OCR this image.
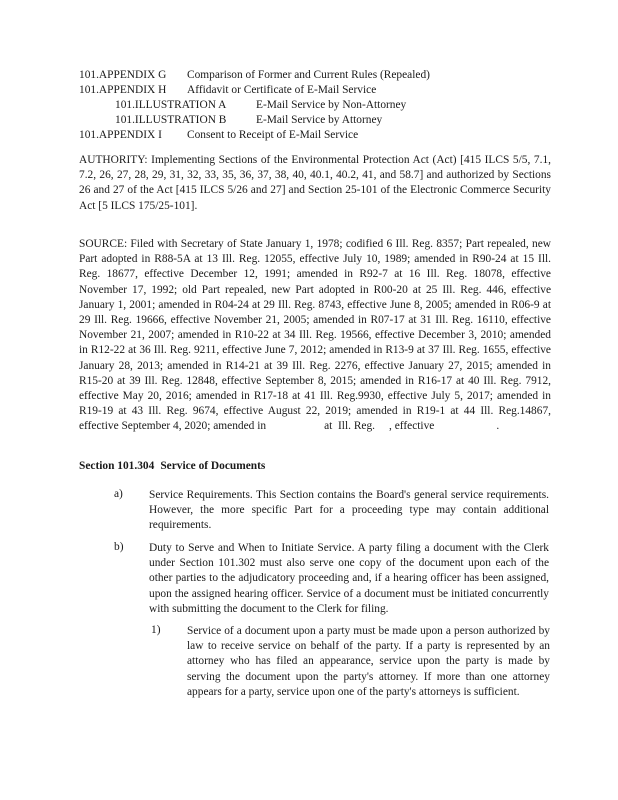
101.APPENDIX G Comparison of Former and Current Rules (Repealed)
101.APPENDIX H Affidavit or Certificate of E-Mail Service
101.ILLUSTRATION A	E-Mail Service by Non-Attorney
101.ILLUSTRATION B	E-Mail Service by Attorney
101.APPENDIX I Consent to Receipt of E-Mail Service
AUTHORITY: Implementing Sections of the Environmental Protection Act (Act) [415 ILCS 5/5, 7.1, 7.2, 26, 27, 28, 29, 31, 32, 33, 35, 36, 37, 38, 40, 40.1, 40.2, 41, and 58.7] and authorized by Sections 26 and 27 of the Act [415 ILCS 5/26 and 27] and Section 25-101 of the Electronic Commerce Security Act [5 ILCS 175/25-101].
SOURCE: Filed with Secretary of State January 1, 1978; codified 6 Ill. Reg. 8357; Part repealed, new Part adopted in R88-5A at 13 Ill. Reg. 12055, effective July 10, 1989; amended in R90-24 at 15 Ill. Reg. 18677, effective December 12, 1991; amended in R92-7 at 16 Ill. Reg. 18078, effective November 17, 1992; old Part repealed, new Part adopted in R00-20 at 25 Ill. Reg. 446, effective January 1, 2001; amended in R04-24 at 29 Ill. Reg. 8743, effective June 8, 2005; amended in R06-9 at 29 Ill. Reg. 19666, effective November 21, 2005; amended in R07-17 at 31 Ill. Reg. 16110, effective November 21, 2007; amended in R10-22 at 34 Ill. Reg. 19566, effective December 3, 2010; amended in R12-22 at 36 Ill. Reg. 9211, effective June 7, 2012; amended in R13-9 at 37 Ill. Reg. 1655, effective January 28, 2013; amended in R14-21 at 39 Ill. Reg. 2276, effective January 27, 2015; amended in R15-20 at 39 Ill. Reg. 12848, effective September 8, 2015; amended in R16-17 at 40 Ill. Reg. 7912, effective May 20, 2016; amended in R17-18 at 41 Ill. Reg.9930, effective July 5, 2017; amended in R19-19 at 43 Ill. Reg. 9674, effective August 22, 2019; amended in R19-1 at 44 Ill. Reg.14867, effective September 4, 2020; amended in	at Ill. Reg. , effective	.
Section 101.304 Service of Documents
a) Service Requirements. This Section contains the Board's general service requirements. However, the more specific Part for a proceeding type may contain additional requirements.
b) Duty to Serve and When to Initiate Service. A party filing a document with the Clerk under Section 101.302 must also serve one copy of the document upon each of the other parties to the adjudicatory proceeding and, if a hearing officer has been assigned, upon the assigned hearing officer. Service of a document must be initiated concurrently with submitting the document to the Clerk for filing.
1) Service of a document upon a party must be made upon a person authorized by law to receive service on behalf of the party. If a party is represented by an attorney who has filed an appearance, service upon the party is made by serving the document upon the party's attorney. If more than one attorney appears for a party, service upon one of the party's attorneys is sufficient.
